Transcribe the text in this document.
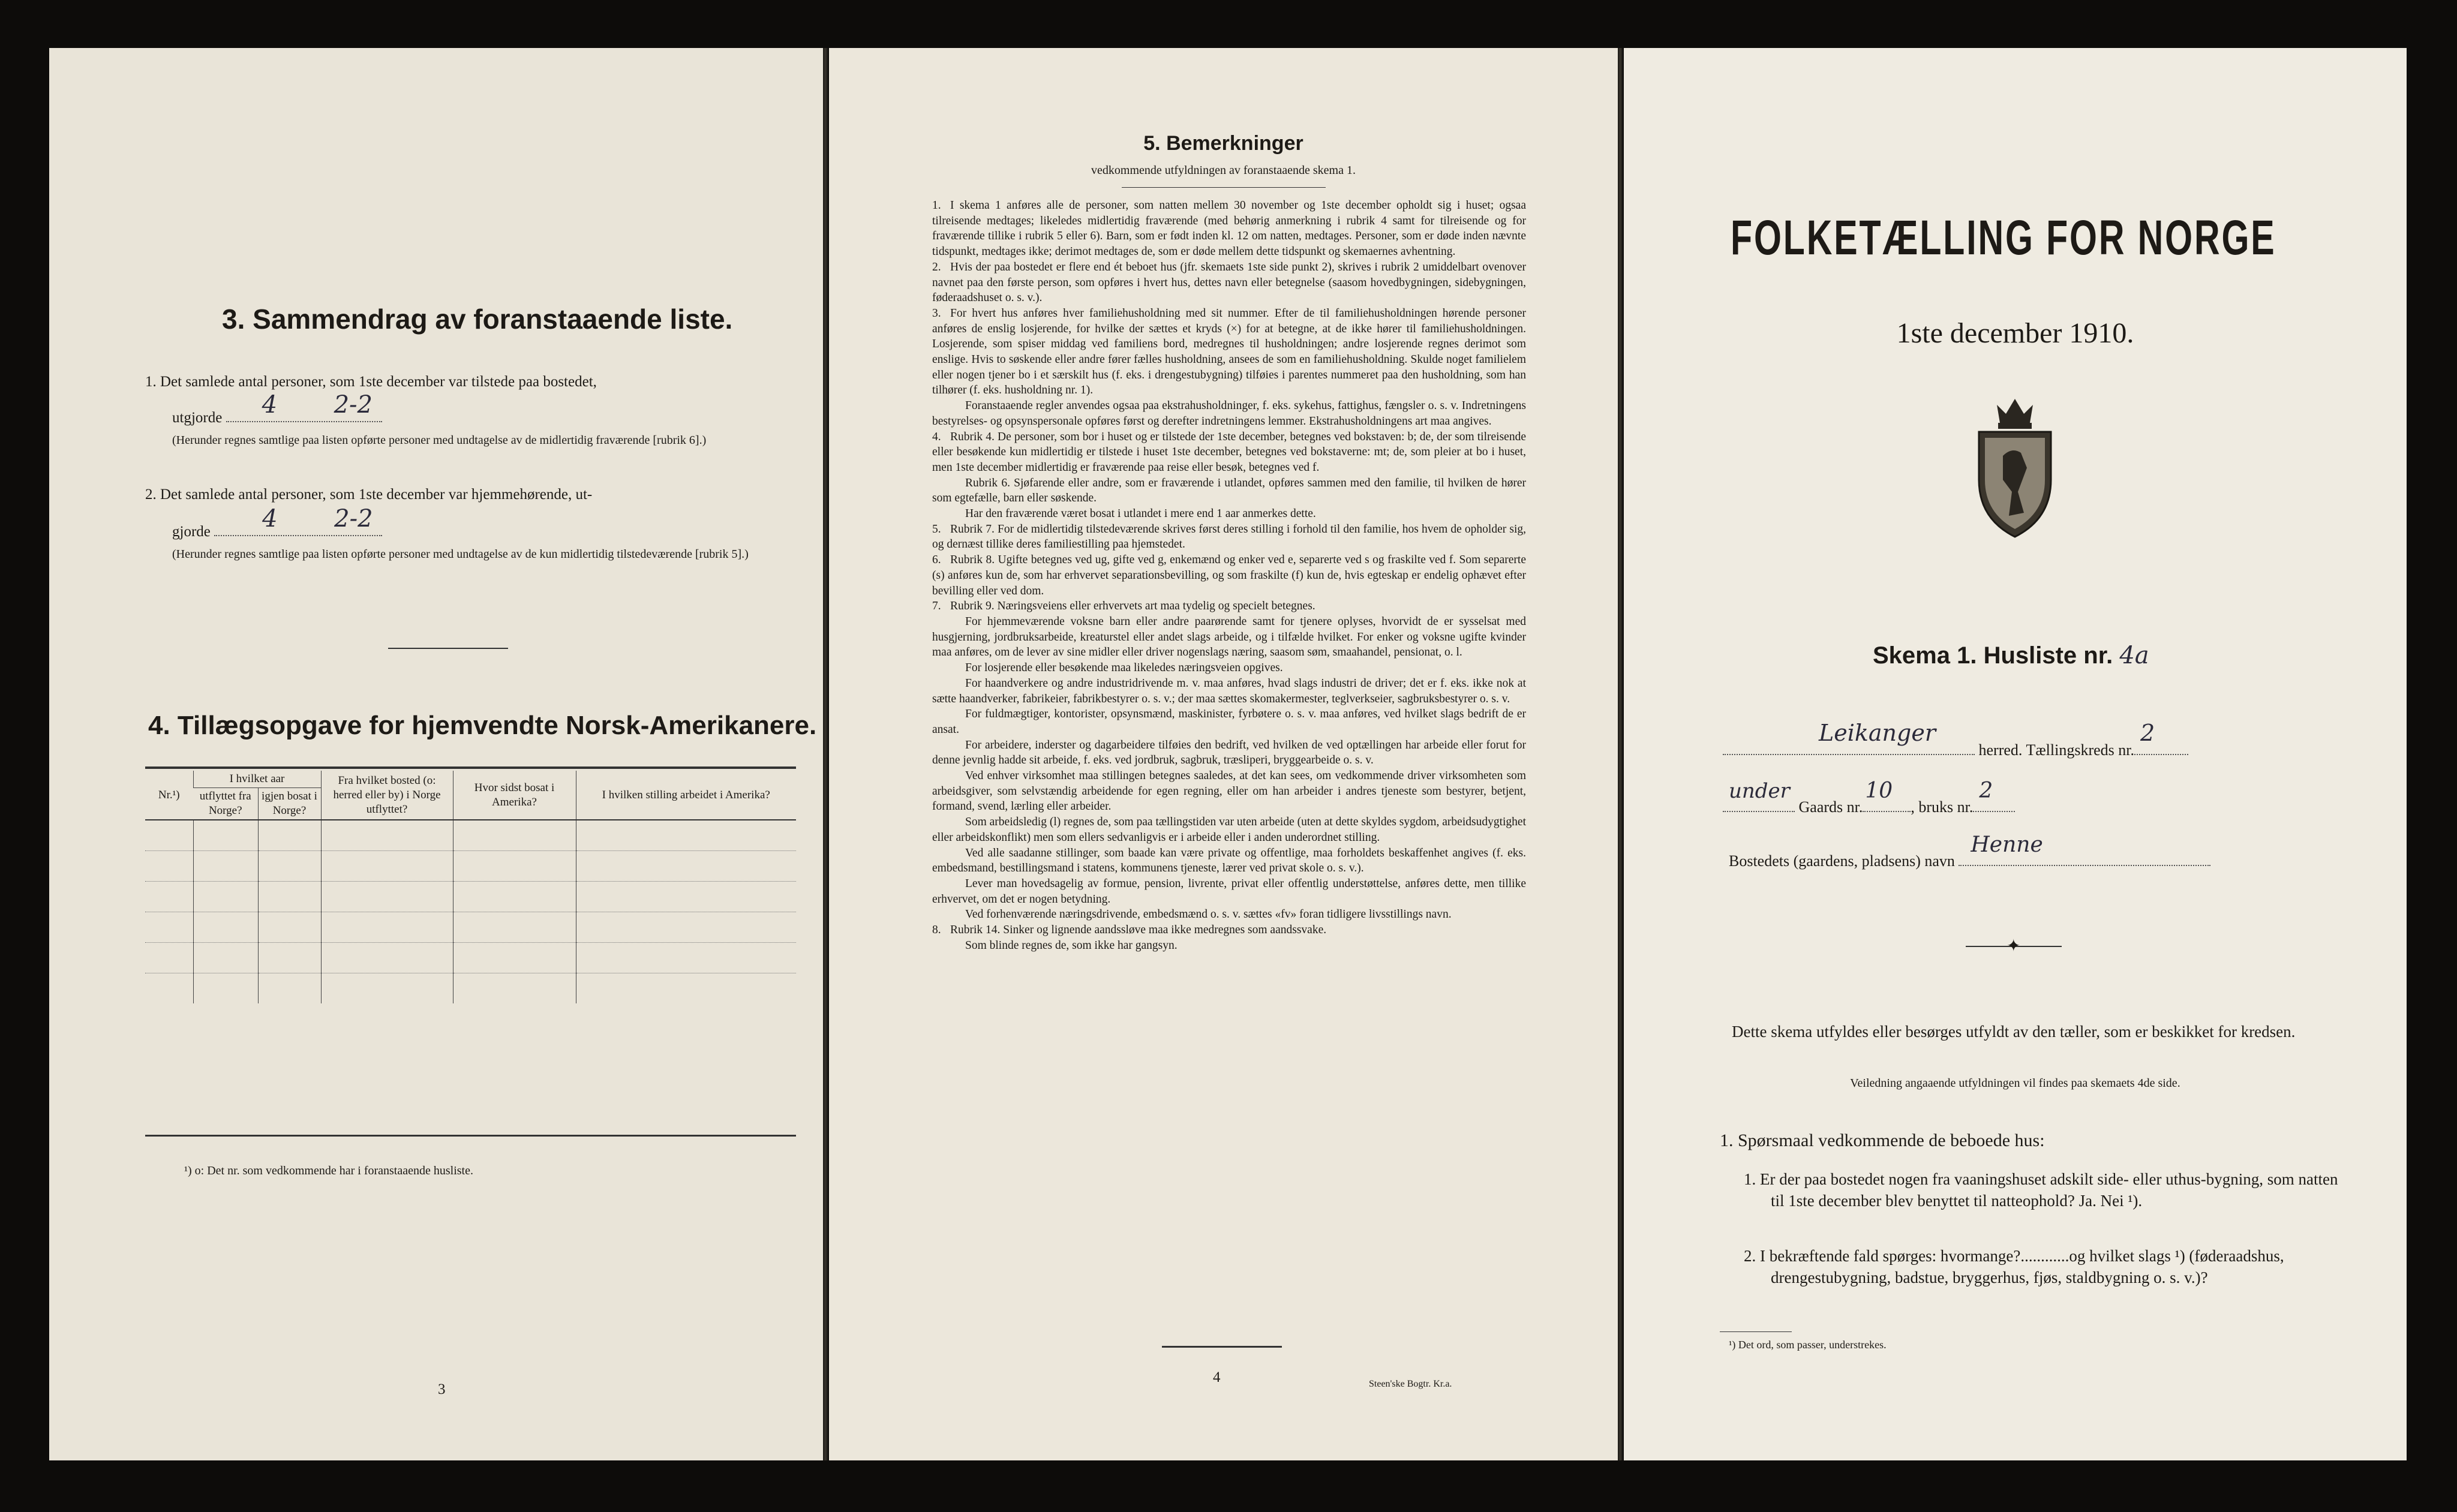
3. Sammendrag av foranstaaende liste.
1. Det samlede antal personer, som 1ste december var tilstede paa bostedet,
utgjorde 4 2-2
(Herunder regnes samtlige paa listen opførte personer med undtagelse av de midlertidig fraværende [rubrik 6].)
2. Det samlede antal personer, som 1ste december var hjemmehørende, ut-
gjorde 4 2-2
(Herunder regnes samtlige paa listen opførte personer med undtagelse av de kun midlertidig tilstedeværende [rubrik 5].)
4. Tillægsopgave for hjemvendte Norsk-Amerikanere.
Nr.¹)	I hvilket aar		Fra hvilket bosted (o: herred eller by) i Norge utflyttet?	Hvor sidst bosat i Amerika?	I hvilken stilling arbeidet i Amerika?
	utflyttet fra Norge?	igjen bosat i Norge?			

¹) o: Det nr. som vedkommende har i foranstaaende husliste.
3
5. Bemerkninger
vedkommende utfyldningen av foranstaaende skema 1.

1. I skema 1 anføres alle de personer, som natten mellem 30 november og 1ste december opholdt sig i huset; ogsaa tilreisende medtages; likeledes midlertidig fraværende (med behørig anmerkning i rubrik 4 samt for tilreisende og for fraværende tillike i rubrik 5 eller 6). Barn, som er født inden kl. 12 om natten, medtages. Personer, som er døde inden nævnte tidspunkt, medtages ikke; derimot medtages de, som er døde mellem dette tidspunkt og skemaernes avhentning.

2. Hvis der paa bostedet er flere end ét beboet hus (jfr. skemaets 1ste side punkt 2), skrives i rubrik 2 umiddelbart ovenover navnet paa den første person, som opføres i hvert hus, dettes navn eller betegnelse (saasom hovedbygningen, sidebygningen, føderaadshuset o. s. v.).

3. For hvert hus anføres hver familiehusholdning med sit nummer. Efter de til familiehusholdningen hørende personer anføres de enslig losjerende, for hvilke der sættes et kryds (×) for at betegne, at de ikke hører til familiehusholdningen. Losjerende, som spiser middag ved familiens bord, medregnes til husholdningen; andre losjerende regnes derimot som enslige. Hvis to søskende eller andre fører fælles husholdning, ansees de som en familiehusholdning. Skulde noget familielem eller nogen tjener bo i et særskilt hus (f. eks. i drengestubygning) tilføies i parentes nummeret paa den husholdning, som han tilhører (f. eks. husholdning nr. 1).

Foranstaaende regler anvendes ogsaa paa ekstrahusholdninger, f. eks. sykehus, fattighus, fængsler o. s. v. Indretningens bestyrelses- og opsynspersonale opføres først og derefter indretningens lemmer. Ekstrahusholdningens art maa angives.

4. Rubrik 4. De personer, som bor i huset og er tilstede der 1ste december, betegnes ved bokstaven: b; de, der som tilreisende eller besøkende kun midlertidig er tilstede i huset 1ste december, betegnes ved bokstaverne: mt; de, som pleier at bo i huset, men 1ste december midlertidig er fraværende paa reise eller besøk, betegnes ved f.

Rubrik 6. Sjøfarende eller andre, som er fraværende i utlandet, opføres sammen med den familie, til hvilken de hører som egtefælle, barn eller søskende.

Har den fraværende været bosat i utlandet i mere end 1 aar anmerkes dette.

5. Rubrik 7. For de midlertidig tilstedeværende skrives først deres stilling i forhold til den familie, hos hvem de opholder sig, og dernæst tillike deres familiestilling paa hjemstedet.

6. Rubrik 8. Ugifte betegnes ved ug, gifte ved g, enkemænd og enker ved e, separerte ved s og fraskilte ved f. Som separerte (s) anføres kun de, som har erhvervet separationsbevilling, og som fraskilte (f) kun de, hvis egteskap er endelig ophævet efter bevilling eller ved dom.

7. Rubrik 9. Næringsveiens eller erhvervets art maa tydelig og specielt betegnes.

For hjemmeværende voksne barn eller andre paarørende samt for tjenere oplyses, hvorvidt de er sysselsat med husgjerning, jordbruksarbeide, kreaturstel eller andet slags arbeide, og i tilfælde hvilket. For enker og voksne ugifte kvinder maa anføres, om de lever av sine midler eller driver nogenslags næring, saasom søm, smaahandel, pensionat, o. l.

For losjerende eller besøkende maa likeledes næringsveien opgives.

For haandverkere og andre industridrivende m. v. maa anføres, hvad slags industri de driver; det er f. eks. ikke nok at sætte haandverker, fabrikeier, fabrikbestyrer o. s. v.; der maa sættes skomakermester, teglverkseier, sagbruksbestyrer o. s. v.

For fuldmægtiger, kontorister, opsynsmænd, maskinister, fyrbøtere o. s. v. maa anføres, ved hvilket slags bedrift de er ansat.

For arbeidere, inderster og dagarbeidere tilføies den bedrift, ved hvilken de ved optællingen har arbeide eller forut for denne jevnlig hadde sit arbeide, f. eks. ved jordbruk, sagbruk, træsliperi, bryggearbeide o. s. v.

Ved enhver virksomhet maa stillingen betegnes saaledes, at det kan sees, om vedkommende driver virksomheten som arbeidsgiver, som selvstændig arbeidende for egen regning, eller om han arbeider i andres tjeneste som bestyrer, betjent, formand, svend, lærling eller arbeider.

Som arbeidsledig (l) regnes de, som paa tællingstiden var uten arbeide (uten at dette skyldes sygdom, arbeidsudygtighet eller arbeidskonflikt) men som ellers sedvanligvis er i arbeide eller i anden underordnet stilling.

Ved alle saadanne stillinger, som baade kan være private og offentlige, maa forholdets beskaffenhet angives (f. eks. embedsmand, bestillingsmand i statens, kommunens tjeneste, lærer ved privat skole o. s. v.).

Lever man hovedsagelig av formue, pension, livrente, privat eller offentlig understøttelse, anføres dette, men tillike erhvervet, om det er nogen betydning.

Ved forhenværende næringsdrivende, embedsmænd o. s. v. sættes «fv» foran tidligere livsstillings navn.

8. Rubrik 14. Sinker og lignende aandssløve maa ikke medregnes som aandssvake.

Som blinde regnes de, som ikke har gangsyn.

4	Steen'ske Bogtr. Kr.a.
FOLKETÆLLING FOR NORGE
1ste december 1910.
Skema 1. Husliste nr. 4a
Leikanger
herred. Tællingskreds nr.
2
under
Gaards nr.
10
, bruks nr.
2
Bostedets (gaardens, pladsens) navn
Henne
✦
Dette skema utfyldes eller besørges utfyldt av den tæller, som er beskikket for kredsen.
Veiledning angaaende utfyldningen vil findes paa skemaets 4de side.
1. Spørsmaal vedkommende de beboede hus:
1. Er der paa bostedet nogen fra vaaningshuset adskilt side- eller uthus-bygning, som natten til 1ste december blev benyttet til natteophold? Ja. Nei ¹).
2. I bekræftende fald spørges: hvormange?............og hvilket slags ¹) (føderaadshus, drengestubygning, badstue, bryggerhus, fjøs, staldbygning o. s. v.)?
¹) Det ord, som passer, understrekes.
